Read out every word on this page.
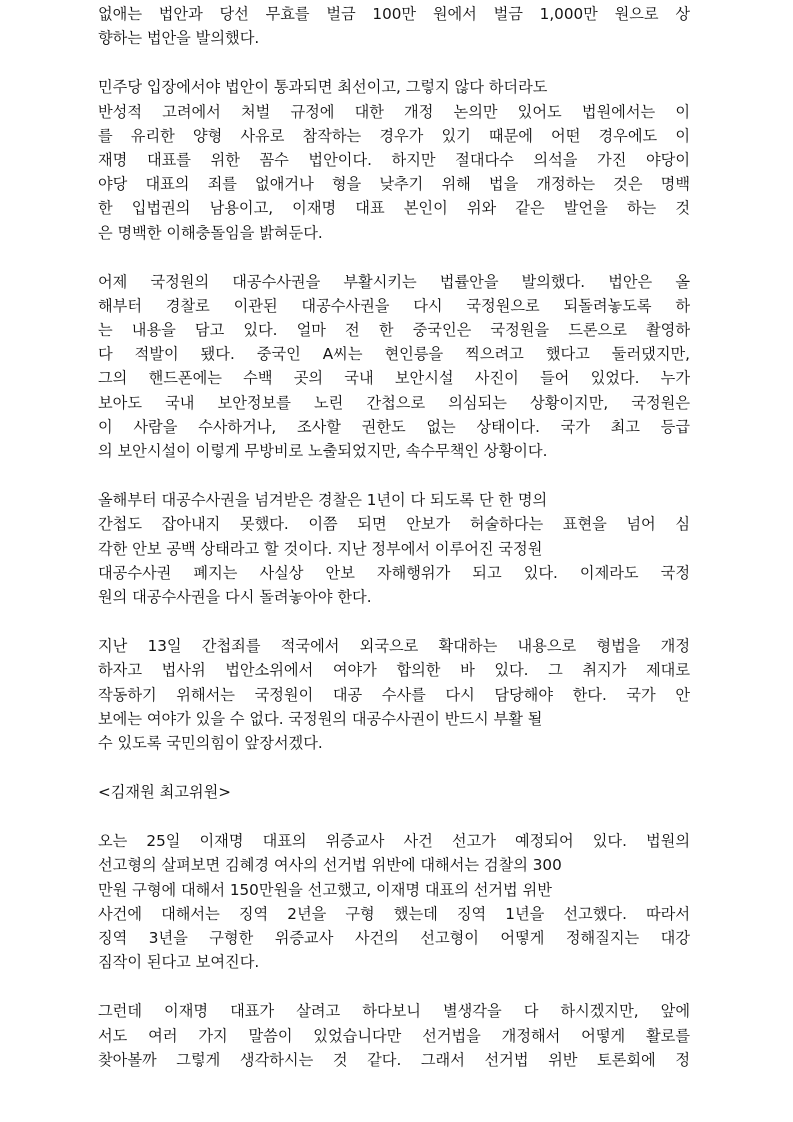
없애는 법안과 당선 무효를 벌금 100만 원에서 벌금 1,000만 원으로 상
향하는 법안을 발의했다.
민주당 입장에서야 법안이 통과되면 최선이고, 그렇지 않다 하더라도
반성적 고려에서 처벌 규정에 대한 개정 논의만 있어도 법원에서는 이
를 유리한 양형 사유로 참작하는 경우가 있기 때문에 어떤 경우에도 이
재명 대표를 위한 꼼수 법안이다. 하지만 절대다수 의석을 가진 야당이
야당 대표의 죄를 없애거나 형을 낮추기 위해 법을 개정하는 것은 명백
한 입법권의 남용이고, 이재명 대표 본인이 위와 같은 발언을 하는 것
은 명백한 이해충돌임을 밝혀둔다.
어제 국정원의 대공수사권을 부활시키는 법률안을 발의했다. 법안은 올
해부터 경찰로 이관된 대공수사권을 다시 국정원으로 되돌려놓도록 하
는 내용을 담고 있다. 얼마 전 한 중국인은 국정원을 드론으로 촬영하
다 적발이 됐다. 중국인 A씨는 현인릉을 찍으려고 했다고 둘러댔지만,
그의 핸드폰에는 수백 곳의 국내 보안시설 사진이 들어 있었다. 누가
보아도 국내 보안정보를 노린 간첩으로 의심되는 상황이지만, 국정원은
이 사람을 수사하거나, 조사할 권한도 없는 상태이다. 국가 최고 등급
의 보안시설이 이렇게 무방비로 노출되었지만, 속수무책인 상황이다.
올해부터 대공수사권을 넘겨받은 경찰은 1년이 다 되도록 단 한 명의
간첩도 잡아내지 못했다. 이쯤 되면 안보가 허술하다는 표현을 넘어 심
각한 안보 공백 상태라고 할 것이다. 지난 정부에서 이루어진 국정원
대공수사권 폐지는 사실상 안보 자해행위가 되고 있다. 이제라도 국정
원의 대공수사권을 다시 돌려놓아야 한다.
지난 13일 간첩죄를 적국에서 외국으로 확대하는 내용으로 형법을 개정
하자고 법사위 법안소위에서 여야가 합의한 바 있다. 그 취지가 제대로
작동하기 위해서는 국정원이 대공 수사를 다시 담당해야 한다. 국가 안
보에는 여야가 있을 수 없다. 국정원의 대공수사권이 반드시 부활 될
수 있도록 국민의힘이 앞장서겠다.
<김재원 최고위원>
오는 25일 이재명 대표의 위증교사 사건 선고가 예정되어 있다. 법원의
선고형의 살펴보면 김혜경 여사의 선거법 위반에 대해서는 검찰의 300
만원 구형에 대해서 150만원을 선고했고, 이재명 대표의 선거법 위반
사건에 대해서는 징역 2년을 구형 했는데 징역 1년을 선고했다. 따라서
징역 3년을 구형한 위증교사 사건의 선고형이 어떻게 정해질지는 대강
짐작이 된다고 보여진다.
그런데 이재명 대표가 살려고 하다보니 별생각을 다 하시겠지만, 앞에
서도 여러 가지 말씀이 있었습니다만 선거법을 개정해서 어떻게 활로를
찾아볼까 그렇게 생각하시는 것 같다. 그래서 선거법 위반 토론회에 정
